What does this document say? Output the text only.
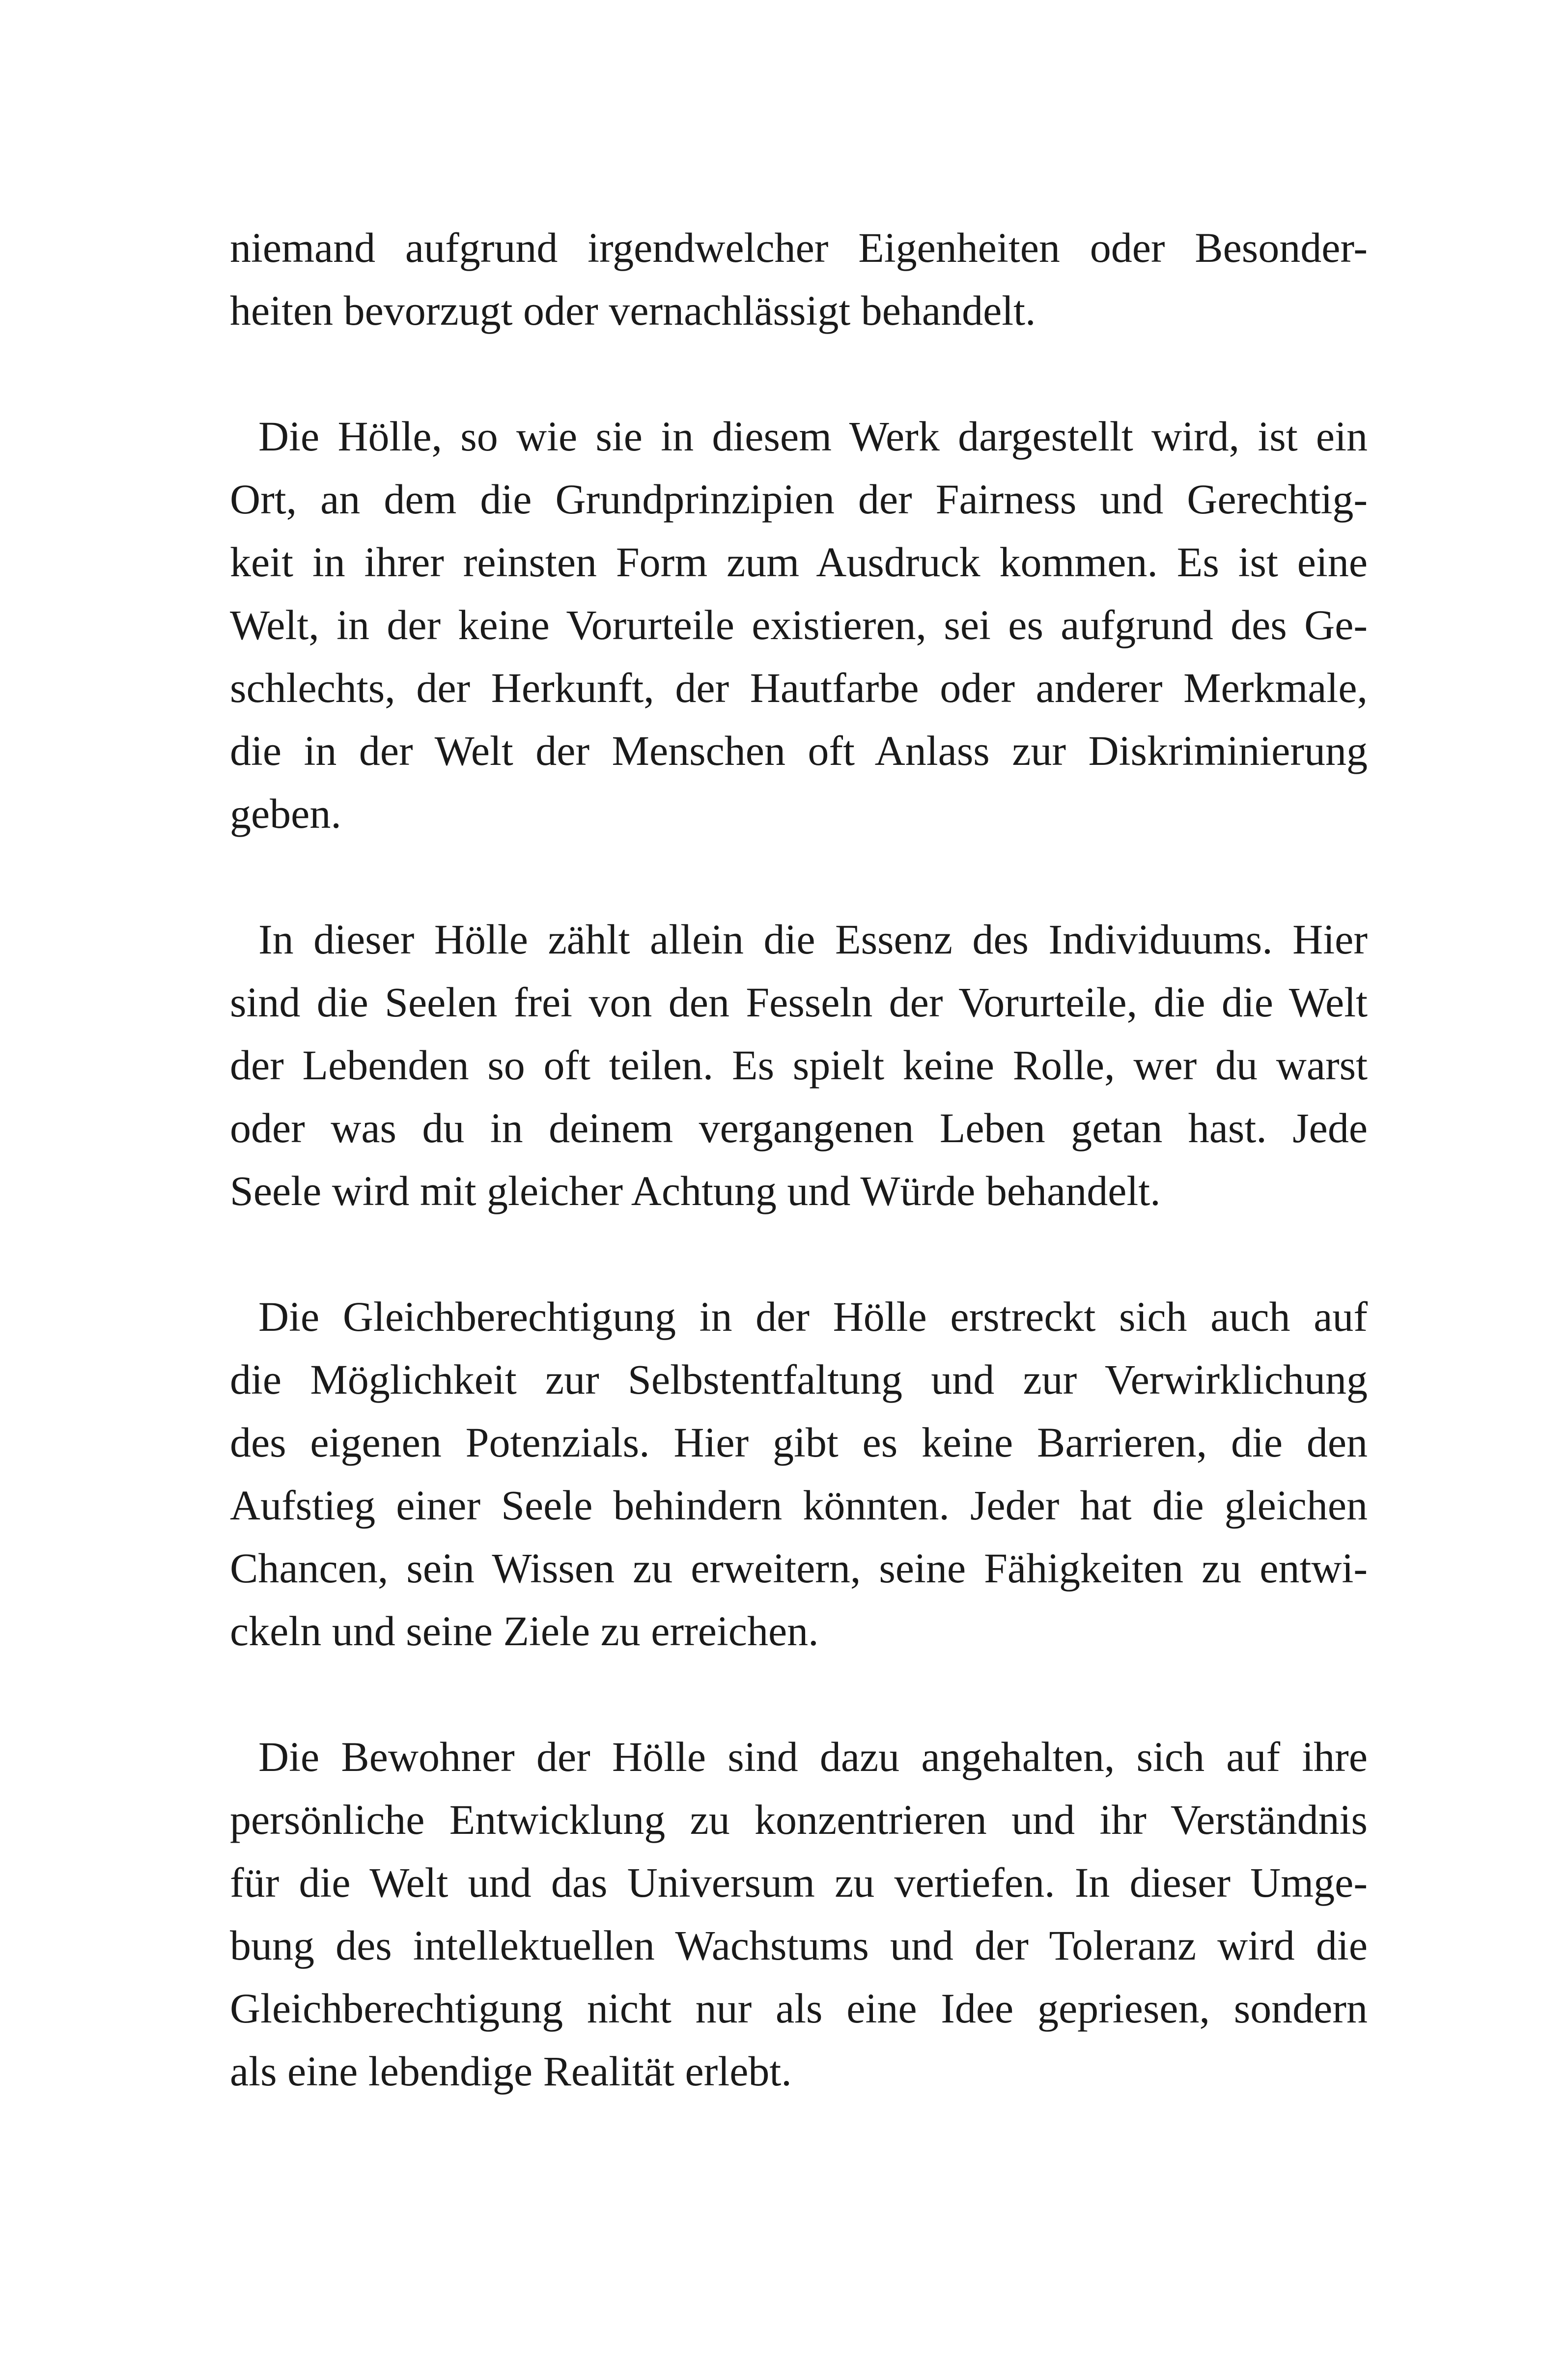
niemand aufgrund irgendwelcher Eigenheiten oder Besonder-
heiten bevorzugt oder vernachlässigt behandelt.
Die Hölle, so wie sie in diesem Werk dargestellt wird, ist ein
Ort, an dem die Grundprinzipien der Fairness und Gerechtig-
keit in ihrer reinsten Form zum Ausdruck kommen. Es ist eine
Welt, in der keine Vorurteile existieren, sei es aufgrund des Ge-
schlechts, der Herkunft, der Hautfarbe oder anderer Merkmale,
die in der Welt der Menschen oft Anlass zur Diskriminierung
geben.
In dieser Hölle zählt allein die Essenz des Individuums. Hier
sind die Seelen frei von den Fesseln der Vorurteile, die die Welt
der Lebenden so oft teilen. Es spielt keine Rolle, wer du warst
oder was du in deinem vergangenen Leben getan hast. Jede
Seele wird mit gleicher Achtung und Würde behandelt.
Die Gleichberechtigung in der Hölle erstreckt sich auch auf
die Möglichkeit zur Selbstentfaltung und zur Verwirklichung
des eigenen Potenzials. Hier gibt es keine Barrieren, die den
Aufstieg einer Seele behindern könnten. Jeder hat die gleichen
Chancen, sein Wissen zu erweitern, seine Fähigkeiten zu entwi-
ckeln und seine Ziele zu erreichen.
Die Bewohner der Hölle sind dazu angehalten, sich auf ihre
persönliche Entwicklung zu konzentrieren und ihr Verständnis
für die Welt und das Universum zu vertiefen. In dieser Umge-
bung des intellektuellen Wachstums und der Toleranz wird die
Gleichberechtigung nicht nur als eine Idee gepriesen, sondern
als eine lebendige Realität erlebt.
